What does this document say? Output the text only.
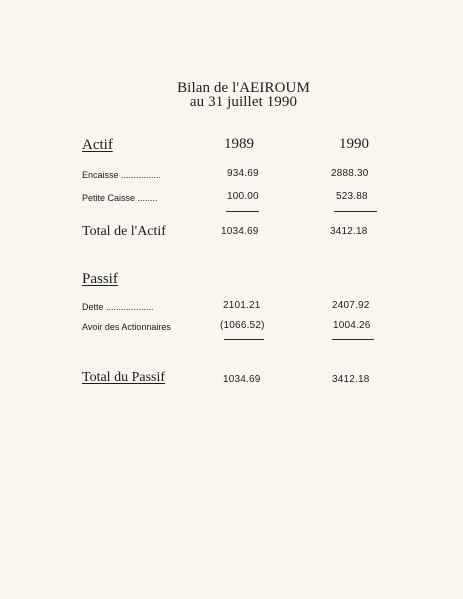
Bilan de l'AEIROUM
au 31 juillet 1990
Actif	1989	1990
Encaisse ................	934.69	2888.30
Petite Caisse ........	100.00	523.88
Total de l'Actif	1034.69	3412.18
Passif
Dette ...................	2101.21	2407.92
Avoir des Actionnaires	(1066.52)	1004.26
Total du Passif	1034.69	3412.18
